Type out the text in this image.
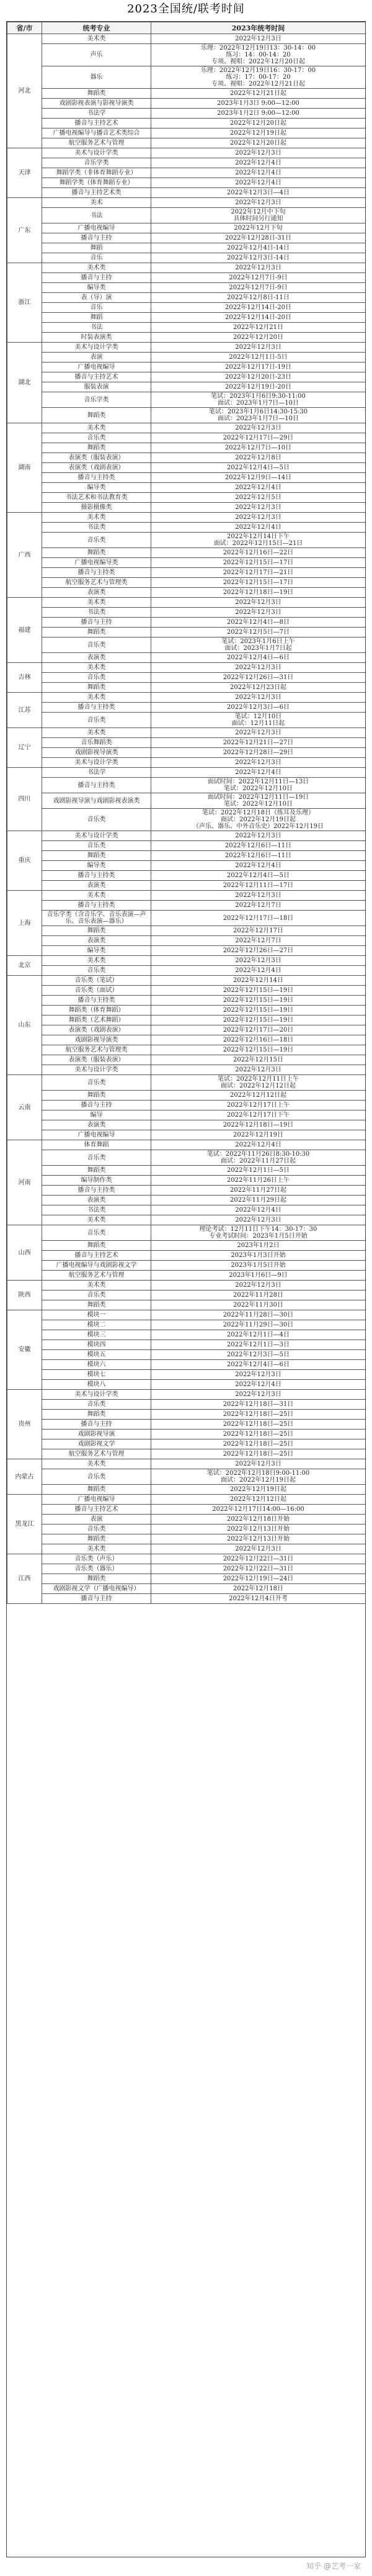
2023全国统/联考时间
省/市	统考专业	2023年统考时间
河北	美术类	2022年12月3日
	声乐	乐理：2022年12月19日13：30-14：00
练习：14：00-14：20
专项、视唱：2022年12月20日起
	器乐	乐理：2022年12月19日16：30-17：00
练习：17：00-17：20
专项、视唱：2022年12月21日起
	舞蹈类	2022年12月21日起
	戏剧影视表演与影视导演类	2023年1月3日 9:00—12:00
	书法学	2023年1月2日 9:00—12:00
	播音与主持艺术	2022年12月20日起
	广播电视编导与播音艺术类综合	2022年12月19日起
	航空服务艺术与管理	2022年12月20日起
天津	美术与设计学类	2022年12月3日
	音乐学类	2022年12月4日
	舞蹈学类（非体育舞蹈专业）	2022年12月4日
	舞蹈学类（体育舞蹈专业）	2022年12月4日
	播音与主持艺术类	2022年12月3日—4日
广东	美术	2022年12月3日
	书法	2022年12月中下旬
具体时间另行通知
	广播电视编导	2022年12月下旬
	播音与主持	2022年12月28日-31日
	舞蹈	2022年12月4日-14日
	音乐	2022年12月3日-14日
浙江	美术类	2022年12月3日
	播音与主持	2022年12月7日-9日
	编导类	2022年12月7日-9日
	表（导）演	2022年12月8日-11日
	音乐	2022年12月14日-20日
	舞蹈	2022年12月14日-20日
	书法	2022年12月21日
	时装表演类	2022年12月20日
湖北	美术与设计学类	2022年12月3日
	表演	2022年12月1日-5日
	广播电视编导	2022年12月17日-19日
	播音与主持艺术	2022年12月20日-23日
	服装表演	2022年12月19日-20日
	音乐学类	笔试：2023年1月6日9:30-11:00
面试：2023年1月7日—10日
	舞蹈类	笔试：2023年1月6日14:30-15:30
面试：2023年1月7日—10日
湖南	美术类	2022年12月3日
	音乐类	2022年12月17日—29日
	舞蹈类	2022年12月7日—10日
	表演类（服装表演）	2022年12月8日
	表演类（戏剧表演）	2022年12月4日—5日
	播音与主持类	2022年12月9日—14日
	编导类	2022年12月4日
	书法艺术和书法教育类	2022年12月5日
	摄影摄像类	2022年12月3日
广西	美术类	2022年12月3日
	书法类	2022年12月4日
	音乐类	2022年12月14日下午
面试：2022年12月15日—21日
	舞蹈类	2022年12月16日—22日
	广播电视编导类	2022年12月15日—17日
	播音与主持类	2022年12月17日—21日
	航空服务艺术与管理类	2022年12月15日—17日
	表演类	2022年12月18日—19日
福建	美术类	2022年12月3日
	书法类	2022年12月3日
	播音与主持	2022年12月4日—8日
	舞蹈类	2022年12月5日—7日
	音乐类	笔试：2023年1月6日上午
面试：2023年1月7日起
	表演类	2022年12月4日—6日
吉林	美术类	2022年12月3日
	音乐类	2022年12月26日—31日
	舞蹈类	2022年12月23日起
江苏	美术类	2022年12月3日
	播音与主持类	2022年12月3日—6日
	音乐类	笔试：12月10日
面试：12月11日起
辽宁	美术类	2022年12月3日
	音乐舞蹈类	2022年12月21日—27日
	戏剧影视导演类	2022年12月28日—29日
	美术与设计学类	2022年12月3日
四川	书法学	2022年12月4日
	播音与主持类	面试时间：2022年12月11日—13日
笔试：2022年12月10日
	戏剧影视导演与戏剧影视表演类	面试时间：2022年12月11日—19日
笔试：2022年12月10日
	音乐类	笔试：2022年12月18日（练耳及乐理）
面试：2022年12月19日起
（声乐、器乐、中外音乐史）2022年12月19日
重庆	美术与设计学类	2022年12月3日
	音乐类	2022年12月6日—11日
	舞蹈类	2022年12月6日—11日
	编导类	2022年12月4日
	播音与主持类	2022年12月4日—5日
	表演类	2022年12月11日—17日
上海	美术类	2022年12月3日
	播音与主持类	2022年12月7日
	音乐学类（含音乐学、音乐表演—声乐、音乐表演—器乐）	2022年12月17日—18日
	舞蹈类	2022年12月17日
	表演类	2022年12月7日
	编导类	2022年12月26日—27日
北京	美术类	2022年12月3日
	音乐类	2022年12月4日
山东	音乐类（笔试）	2022年12月14日
	音乐类（面试）	2022年12月15日—19日
	播音与主持类	2022年12月15日—19日
	舞蹈类（体育舞蹈）	2022年12月15日—19日
	舞蹈类（艺术舞蹈）	2022年12月15日—19日
	表演类（戏剧表演）	2022年12月17日—20日
	戏剧影视导演类	2022年12月16日—18日
	航空服务艺术与管理类	2022年12月15日—19日
	表演类（服装表演）	2022年12月15日
	美术与设计学类	2022年12月3日
云南	音乐类	笔试：2022年12月11日上午
面试：2022年12月12日起
	舞蹈类	2022年12月12日起
	播音与主持	2022年12月17日上午
	编导	2022年12月17日下午
	表演类	2022年12月18日—19日
	广播电视编导	2022年12月19日
河南	体育舞蹈	2022年12月4日
	音乐类	笔试：2022年11月26日8:30-10:30
面试：2022年11月27日起
	舞蹈类	2022年12月1日—5日
	编导制作类	2022年11月26日上午
	播音与主持类	2022年11月27日起
	表演类	2022年11月29日起
	书法类	2022年12月4日
	美术类	2022年12月3日
山西	音乐类	理论考试：12月11日下午14：30-17：30
专业考试时间：2023年1月5日开始
	舞蹈类	2023年1月2日
	播音与主持艺术	2023年1月3日开始
	广播电视编导与戏剧影视文学	2023年1月5日开始
	航空服务艺术与管理	2023年1月6日—9日
陕西	美术类	2022年12月3日
	音乐类	2022年11月28日
	舞蹈类	2022年11月30日
安徽	模块一	2022年11月28日—30日
	模块二	2022年11月29日—30日
	模块三	2022年12月1日—4日
	模块四	2022年12月1日—3日
	模块五	2022年12月3日—5日
	模块六	2022年12月4日—6日
	模块七	2022年12月3日
	模块八	2022年12月4日
贵州	美术与设计学类	2022年12月3日
	音乐类	2022年12月18日—31日
	舞蹈类	2022年12月18日—25日
	播音与主持	2022年12月18日—25日
	戏剧影视导演	2022年12月18日—25日
	戏剧影视文学	2022年12月18日—25日
	航空服务艺术与管理	2022年12月18日—25日
内蒙古	美术类	2022年12月3日
	音乐类	笔试：2022年12月18日9:00-11:00
面试：2022年12月19日起
	舞蹈类	2022年12月19日起
黑龙江	广播电视编导	2022年12月12日起
	播音与主持艺术	2022年12月17日14:00—16:00
	表演	2022年12月18日开始
	音乐类	2022年12月13日开始
	舞蹈类	2022年12月13日开始
	美术类	2022年12月3日
江西	音乐类（声乐）	2022年12月22日—31日
	音乐类（器乐）	2022年12月22日—31日
	舞蹈类	2022年12月19日—24日
	戏剧影视文学（广播电视编导）	2022年12月18日
	播音与主持	2022年12月4日开考
知乎 @艺考一家
